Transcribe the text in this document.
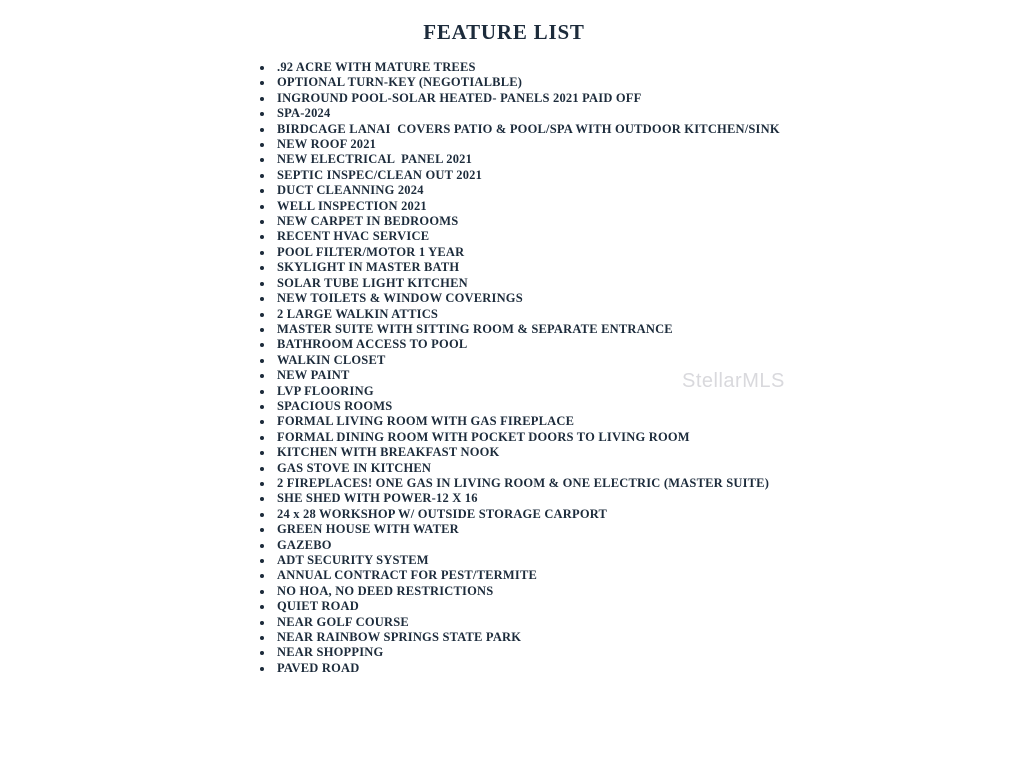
FEATURE LIST
.92 ACRE WITH MATURE TREES
OPTIONAL TURN-KEY (NEGOTIALBLE)
INGROUND POOL-SOLAR HEATED- PANELS 2021 PAID OFF
SPA-2024
BIRDCAGE LANAI  COVERS PATIO & POOL/SPA WITH OUTDOOR KITCHEN/SINK
NEW ROOF 2021
NEW ELECTRICAL  PANEL 2021
SEPTIC INSPEC/CLEAN OUT 2021
DUCT CLEANNING 2024
WELL INSPECTION 2021
NEW CARPET IN BEDROOMS
RECENT HVAC SERVICE
POOL FILTER/MOTOR 1 YEAR
SKYLIGHT IN MASTER BATH
SOLAR TUBE LIGHT KITCHEN
NEW TOILETS & WINDOW COVERINGS
2 LARGE WALKIN ATTICS
MASTER SUITE WITH SITTING ROOM & SEPARATE ENTRANCE
BATHROOM ACCESS TO POOL
WALKIN CLOSET
NEW PAINT
LVP FLOORING
SPACIOUS ROOMS
FORMAL LIVING ROOM WITH GAS FIREPLACE
FORMAL DINING ROOM WITH POCKET DOORS TO LIVING ROOM
KITCHEN WITH BREAKFAST NOOK
GAS STOVE IN KITCHEN
2 FIREPLACES! ONE GAS IN LIVING ROOM & ONE ELECTRIC (MASTER SUITE)
SHE SHED WITH POWER-12 X 16
24 x 28 WORKSHOP W/ OUTSIDE STORAGE CARPORT
GREEN HOUSE WITH WATER
GAZEBO
ADT SECURITY SYSTEM
ANNUAL CONTRACT FOR PEST/TERMITE
NO HOA, NO DEED RESTRICTIONS
QUIET ROAD
NEAR GOLF COURSE
NEAR RAINBOW SPRINGS STATE PARK
NEAR SHOPPING
PAVED ROAD
StellarMLS
